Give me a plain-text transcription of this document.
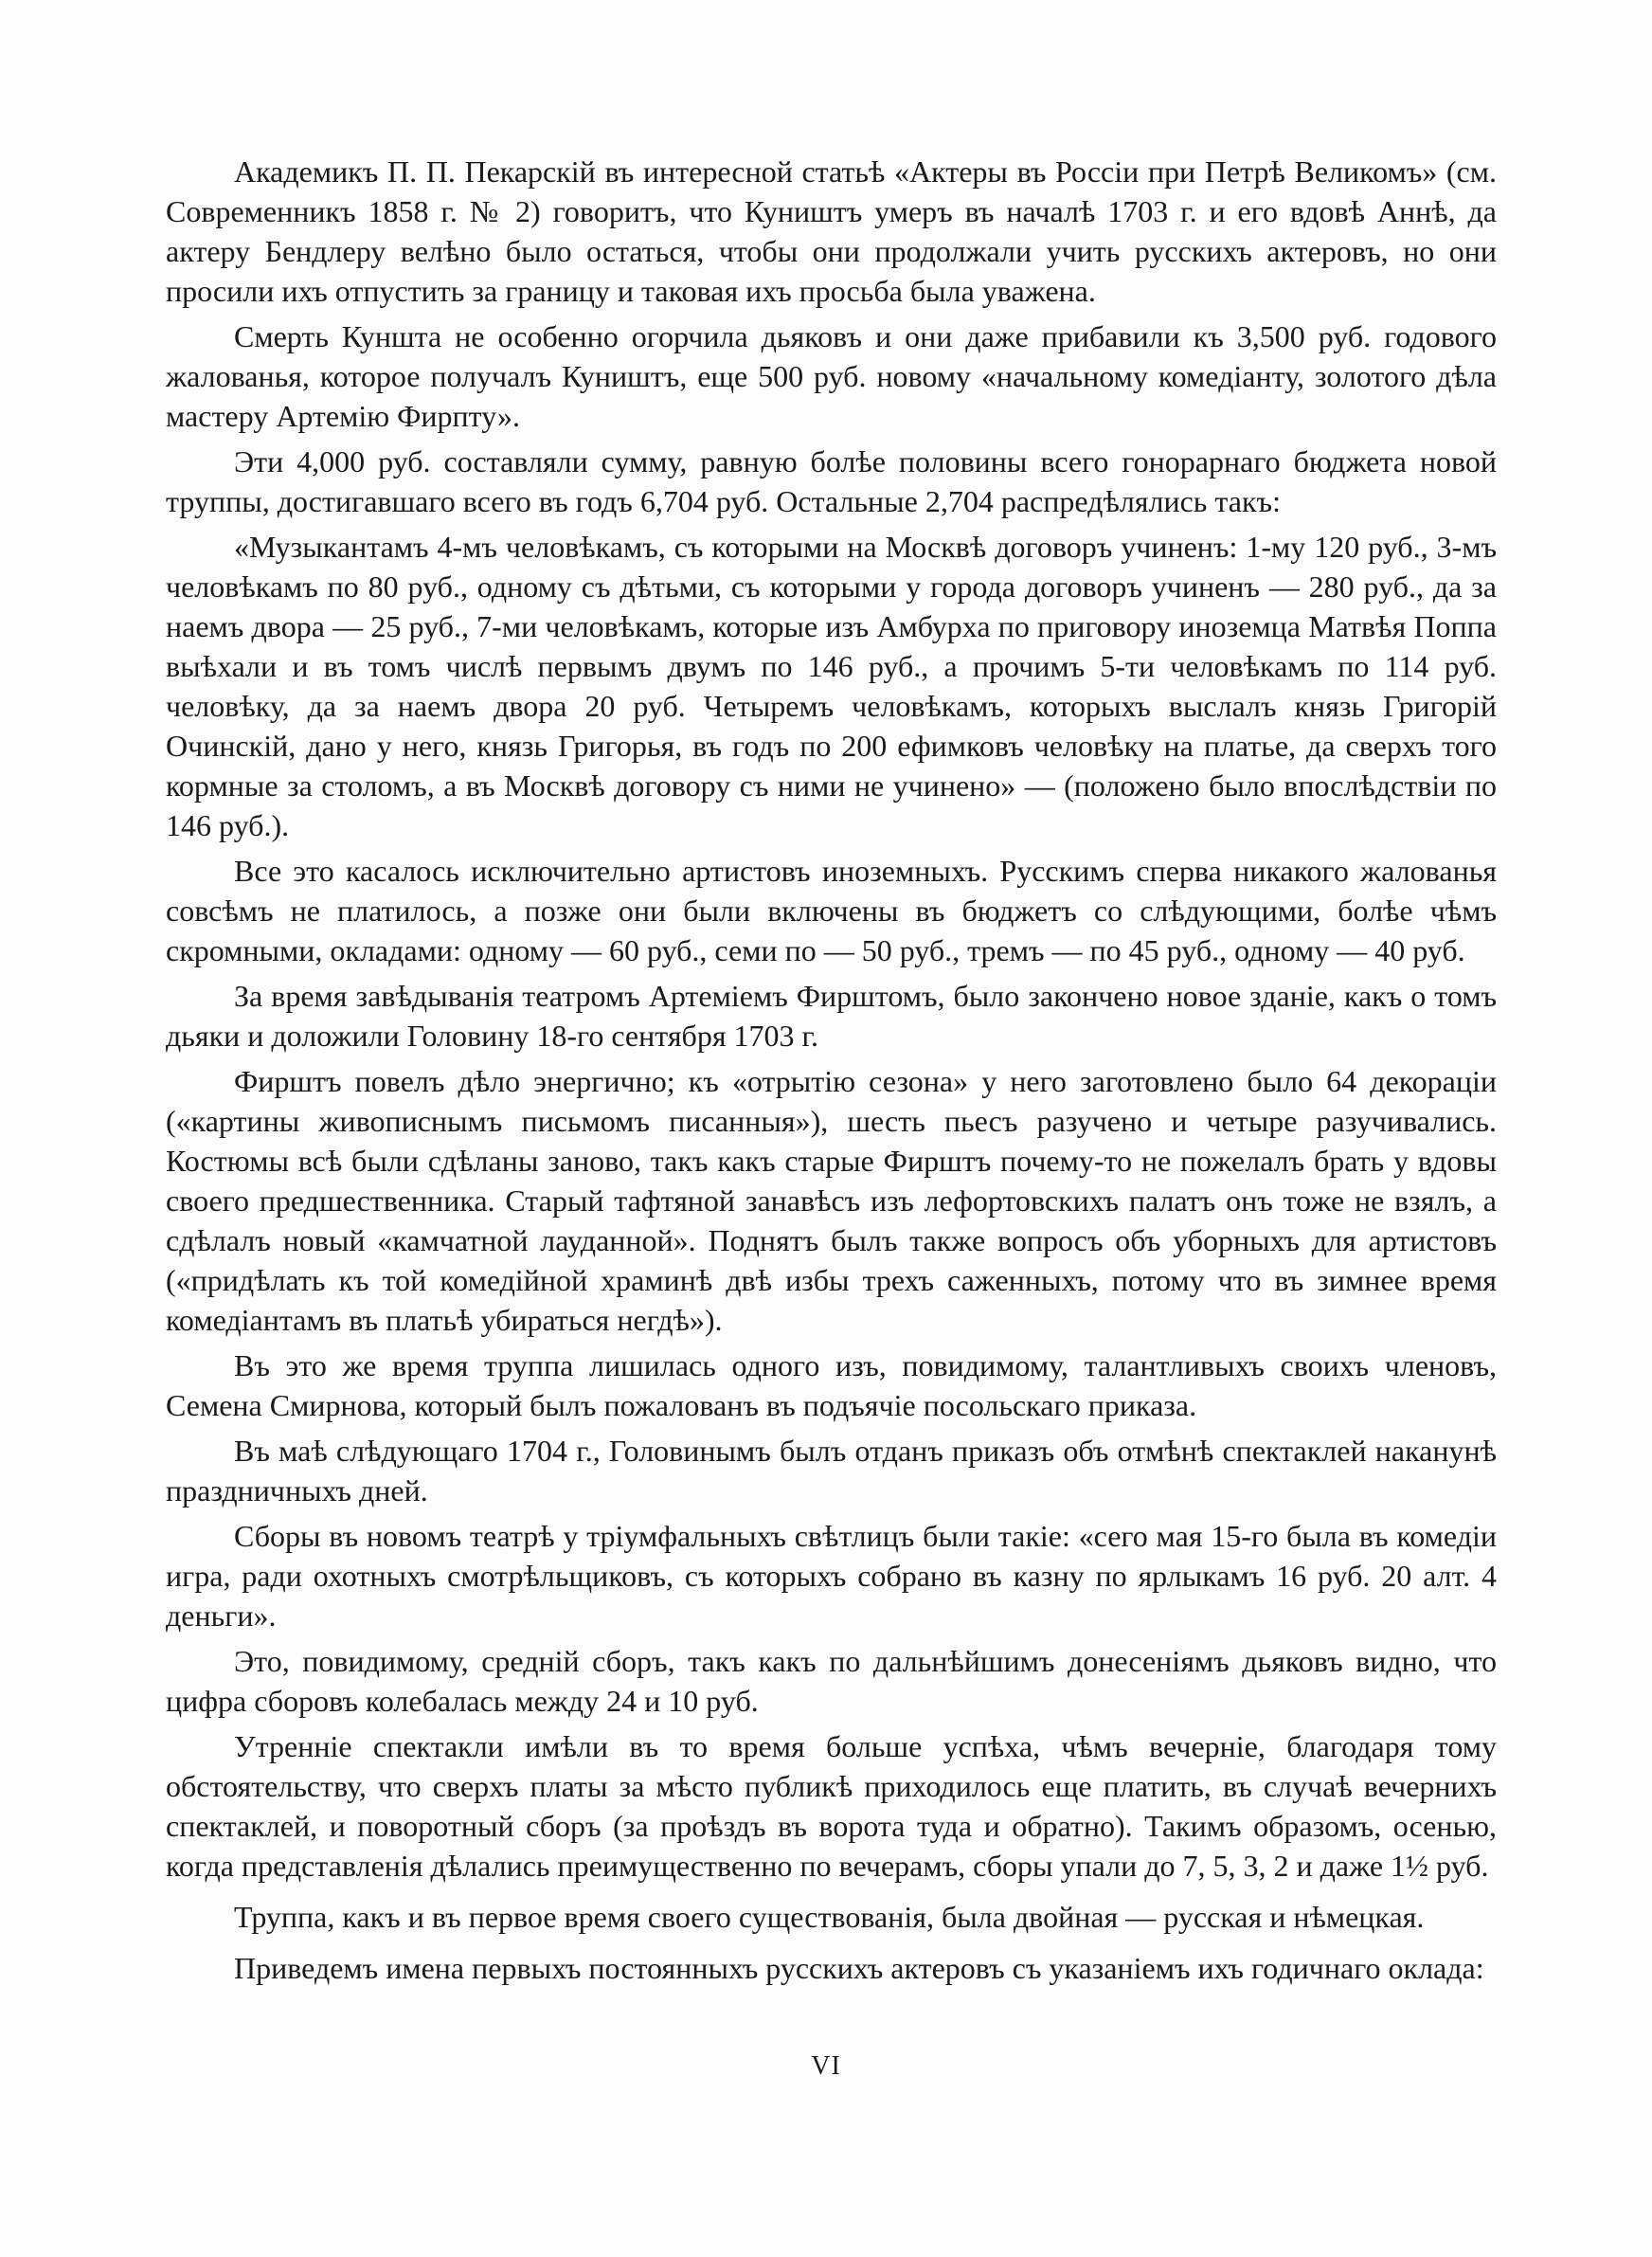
Академикъ П. П. Пекарскій въ интересной статьѣ «Актеры въ Россіи при Петрѣ Великомъ» (см. Современникъ 1858 г. № 2) говоритъ, что Куништъ умеръ въ началѣ 1703 г. и его вдовѣ Аннѣ, да актеру Бендлеру велѣно было остаться, чтобы они продолжали учить русскихъ актеровъ, но они просили ихъ отпустить за границу и таковая ихъ просьба была уважена.

Смерть Куншта не особенно огорчила дьяковъ и они даже прибавили къ 3,500 руб. годового жалованья, которое получалъ Куништъ, еще 500 руб. новому «начальному комедіанту, золотого дѣла мастеру Артемію Фирпту».

Эти 4,000 руб. составляли сумму, равную болѣе половины всего гонорарнаго бюджета новой труппы, достигавшаго всего въ годъ 6,704 руб. Остальные 2,704 распредѣлялись такъ:

«Музыкантамъ 4-мъ человѣкамъ, съ которыми на Москвѣ договоръ учиненъ: 1-му 120 руб., 3-мъ человѣкамъ по 80 руб., одному съ дѣтьми, съ которыми у города договоръ учиненъ — 280 руб., да за наемъ двора — 25 руб., 7-ми человѣкамъ, которые изъ Амбурха по приговору иноземца Матвѣя Поппа выѣхали и въ томъ числѣ первымъ двумъ по 146 руб., а прочимъ 5-ти человѣкамъ по 114 руб. человѣку, да за наемъ двора 20 руб. Четыремъ человѣкамъ, которыхъ выслалъ князь Григорій Очинскій, дано у него, князь Григорья, въ годъ по 200 ефимковъ человѣку на платье, да сверхъ того кормные за столомъ, а въ Москвѣ договору съ ними не учинено» — (положено было впослѣдствіи по 146 руб.).

Все это касалось исключительно артистовъ иноземныхъ. Русскимъ сперва никакого жалованья совсѣмъ не платилось, а позже они были включены въ бюджетъ со слѣдующими, болѣе чѣмъ скромными, окладами: одному — 60 руб., семи по — 50 руб., тремъ — по 45 руб., одному — 40 руб.

За время завѣдыванія театромъ Артеміемъ Фирштомъ, было закончено новое зданіе, какъ о томъ дьяки и доложили Головину 18-го сентября 1703 г.

Фирштъ повелъ дѣло энергично; къ «отрытію сезона» у него заготовлено было 64 декораціи («картины живописнымъ письмомъ писанныя»), шесть пьесъ разучено и четыре разучивались. Костюмы всѣ были сдѣланы заново, такъ какъ старые Фирштъ почему-то не пожелалъ брать у вдовы своего предшественника. Старый тафтяной занавѣсъ изъ лефортовскихъ палатъ онъ тоже не взялъ, а сдѣлалъ новый «камчатной лауданной». Поднятъ былъ также вопросъ объ уборныхъ для артистовъ («придѣлать къ той комедійной храминѣ двѣ избы трехъ саженныхъ, потому что въ зимнее время комедіантамъ въ платьѣ убираться негдѣ»).

Въ это же время труппа лишилась одного изъ, повидимому, талантливыхъ своихъ членовъ, Семена Смирнова, который былъ пожалованъ въ подъячіе посольскаго приказа.

Въ маѣ слѣдующаго 1704 г., Головинымъ былъ отданъ приказъ объ отмѣнѣ спектаклей наканунѣ праздничныхъ дней.

Сборы въ новомъ театрѣ у тріумфальныхъ свѣтлицъ были такіе: «сего мая 15-го была въ комедіи игра, ради охотныхъ смотрѣльщиковъ, съ которыхъ собрано въ казну по ярлыкамъ 16 руб. 20 алт. 4 деньги».

Это, повидимому, средній сборъ, такъ какъ по дальнѣйшимъ донесеніямъ дьяковъ видно, что цифра сборовъ колебалась между 24 и 10 руб.

Утренніе спектакли имѣли въ то время больше успѣха, чѣмъ вечерніе, благодаря тому обстоятельству, что сверхъ платы за мѣсто публикѣ приходилось еще платить, въ случаѣ вечернихъ спектаклей, и поворотный сборъ (за проѣздъ въ ворота туда и обратно). Такимъ образомъ, осенью, когда представленія дѣлались преимущественно по вечерамъ, сборы упали до 7, 5, 3, 2 и даже 1½ руб.

Труппа, какъ и въ первое время своего существованія, была двойная — русская и нѣмецкая.

Приведемъ имена первыхъ постоянныхъ русскихъ актеровъ съ указаніемъ ихъ годичнаго оклада:

VI
